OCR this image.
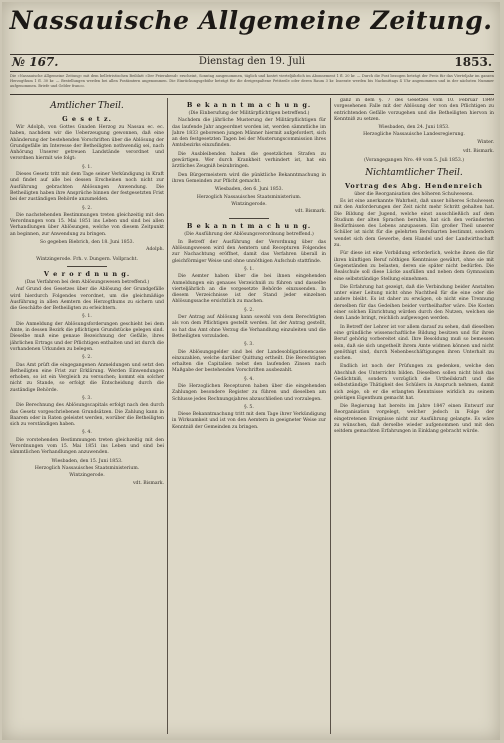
Nassauische Allgemeine Zeitung.
№ 167.	Dienstag den 19. Juli	1853.
Die »Nassauische Allgemeine Zeitung« mit dem belletristischen Beiblatt »Der Feierabend« erscheint, Sonntag ausgenommen, täglich und kostet vierteljährlich im Abonnement 1 fl. 20 kr. — Durch die Post bezogen beträgt der Preis für das Vierteljahr im ganzen Herzogthum 1 fl. 30 kr. — Bestellungen werden bei allen Postämtern angenommen. Die Einrückungsgebühr beträgt für die dreigespaltene Petitzeile oder deren Raum 3 kr. Inserate werden bis Nachmittags 4 Uhr angenommen und in der nächsten Nummer aufgenommen. Briefe und Gelder franco.
Amtlicher Theil.
G e s e t z.

Wir Adolph, von Gottes Gnaden Herzog zu Nassau ec. ec. haben, nachdem wir die Ueberzeugung gewonnen, daß eine Abänderung der bestehenden Vorschriften über die Ablösung der Grundgefälle im Interesse der Betheiligten nothwendig sei, nach Anhörung Unserer getreuen Landstände verordnet und verordnen hiermit wie folgt:

§. 1.

Dieses Gesetz tritt mit dem Tage seiner Verkündigung in Kraft und findet auf alle bei dessen Erscheinen noch nicht zur Ausführung gebrachten Ablösungen Anwendung. Die Betheiligten haben ihre Ansprüche binnen der festgesetzten Frist bei der zuständigen Behörde anzumelden.

§. 2.

Die nachstehenden Bestimmungen treten gleichzeitig mit den Verordnungen vom 15. Mai 1851 ins Leben und sind bei allen Verhandlungen über Ablösungen, welche von diesem Zeitpunkt an beginnen, zur Anwendung zu bringen.

So gegeben Biebrich, den 18. Juni 1853.

Adolph.

Wintzingerode. Frh. v. Dungern. Vollpracht.

V e r o r d n u n g.

(Das Verfahren bei dem Ablösungswesen betreffend.)

Auf Grund des Gesetzes über die Ablösung der Grundgefälle wird hierdurch Folgendes verordnet, um die gleichmäßige Ausführung in allen Aemtern des Herzogthums zu sichern und die Geschäfte der Betheiligten zu erleichtern.

§. 1.

Die Anmeldung der Ablösungsforderungen geschieht bei dem Amte, in dessen Bezirk die pflichtigen Grundstücke gelegen sind. Dieselbe muß eine genaue Bezeichnung der Gefälle, ihres jährlichen Ertrags und der Pflichtigen enthalten und ist durch die vorhandenen Urkunden zu belegen.

§. 2.

Das Amt prüft die eingegangenen Anmeldungen und setzt den Betheiligten eine Frist zur Erklärung. Werden Einwendungen erhoben, so ist ein Vergleich zu versuchen; kommt ein solcher nicht zu Stande, so erfolgt die Entscheidung durch die zuständige Behörde.

§. 3.

Die Berechnung des Ablösungscapitals erfolgt nach den durch das Gesetz vorgeschriebenen Grundsätzen. Die Zahlung kann in Baarem oder in Raten geleistet werden, worüber die Betheiligten sich zu verständigen haben.

§. 4.

Die vorstehenden Bestimmungen treten gleichzeitig mit den Verordnungen vom 15. Mai 1851 ins Leben und sind bei sämmtlichen Verhandlungen anzuwenden.

Wiesbaden, den 15. Juni 1853.

Herzoglich Nassauisches Staatsministerium.

Wintzingerode.

vdt. Bismark.

B e k a n n t m a c h u n g.

(Die Einberufung der Militärpflichtigen betreffend.)

Nachdem die jährliche Musterung der Militärpflichtigen für das laufende Jahr angeordnet worden ist, werden sämmtliche im Jahre 1833 geborenen jungen Männer hiermit aufgefordert, sich an den festgesetzten Tagen bei der Musterungscommission ihres Amtsbezirks einzufinden.

Die Ausbleibenden haben die gesetzlichen Strafen zu gewärtigen. Wer durch Krankheit verhindert ist, hat ein ärztliches Zeugniß beizubringen.

Den Bürgermeistern wird die pünktliche Bekanntmachung in ihren Gemeinden zur Pflicht gemacht.

Wiesbaden, den 6. Juni 1853.

Herzoglich Nassauisches Staatsministerium.

Wintzingerode.

vdt. Bismark.

B e k a n n t m a c h u n g.

(Die Ausführung der Ablösungsverordnung betreffend.)

In Betreff der Ausführung der Verordnung über das Ablösungswesen wird den Aemtern und Recepturen Folgendes zur Nachachtung eröffnet, damit das Verfahren überall in gleichförmiger Weise und ohne unnöthigen Aufschub stattfinde.

§. 1.

Die Aemter haben über die bei ihnen eingehenden Anmeldungen ein genaues Verzeichniß zu führen und dasselbe vierteljährlich an die vorgesetzte Behörde einzusenden. In diesem Verzeichnisse ist der Stand jeder einzelnen Ablösungssache ersichtlich zu machen.

§. 2.

Der Antrag auf Ablösung kann sowohl von dem Berechtigten als von dem Pflichtigen gestellt werden. Ist der Antrag gestellt, so hat das Amt ohne Verzug die Verhandlung einzuleiten und die Betheiligten vorzuladen.

§. 3.

Die Ablösungsgelder sind bei der Landesobligationencasse einzuzahlen, welche darüber Quittung ertheilt. Die Berechtigten erhalten die Capitalien nebst den laufenden Zinsen nach Maßgabe der bestehenden Vorschriften ausbezahlt.

§. 4.

Die Herzoglichen Recepturen haben über die eingehenden Zahlungen besondere Register zu führen und dieselben am Schlusse jedes Rechnungsjahres abzuschließen und vorzulegen.

§. 5.

Diese Bekanntmachung tritt mit dem Tage ihrer Verkündigung in Wirksamkeit und ist von den Aemtern in geeigneter Weise zur Kenntniß der Gemeinden zu bringen.

ganz in dem §. 7 des Gesetzes vom 10. Februar 1849 vorgesehenen Falle mit der Ablösung der von den Pflichtigen zu entrichtenden Gefälle vorzugehen und die Betheiligten hiervon in Kenntniß zu setzen.

Wiesbaden, den 24. Juni 1853.

Herzogliche Nassauische Landesregierung.

Winter.

vdt. Bismark.

(Vorangegangen Nro. 49 vom 5. Juli 1853.)

Nichtamtlicher Theil.
Vortrag des Abg. Hendenreich

über die Reorganisation des höheren Schulwesens.

Es ist eine anerkannte Wahrheit, daß unser höheres Schulwesen mit den Anforderungen der Zeit nicht mehr Schritt gehalten hat. Die Bildung der Jugend, welche einst ausschließlich auf dem Studium der alten Sprachen beruhte, hat sich den veränderten Bedürfnissen des Lebens anzupassen. Ein großer Theil unserer Schüler ist nicht für die gelehrten Berufsarten bestimmt, sondern wendet sich dem Gewerbe, dem Handel und der Landwirthschaft zu.

Für diese ist eine Vorbildung erforderlich, welche ihnen die für ihren künftigen Beruf nöthigen Kenntnisse gewährt, ohne sie mit Gegenständen zu belasten, deren sie später nicht bedürfen. Die Realschule soll diese Lücke ausfüllen und neben dem Gymnasium eine selbstständige Stellung einnehmen.

Die Erfahrung hat gezeigt, daß die Verbindung beider Anstalten unter einer Leitung nicht ohne Nachtheil für die eine oder die andere bleibt. Es ist daher zu erwägen, ob nicht eine Trennung derselben für das Gedeihen beider vortheilhafter wäre. Die Kosten einer solchen Einrichtung würden durch den Nutzen, welchen sie dem Lande bringt, reichlich aufgewogen werden.

In Betreff der Lehrer ist vor allem darauf zu sehen, daß dieselben eine gründliche wissenschaftliche Bildung besitzen und für ihren Beruf gehörig vorbereitet sind. Ihre Besoldung muß so bemessen sein, daß sie sich ungetheilt ihrem Amte widmen können und nicht genöthigt sind, durch Nebenbeschäftigungen ihren Unterhalt zu suchen.

Endlich ist noch der Prüfungen zu gedenken, welche den Abschluß des Unterrichts bilden. Dieselben sollen nicht bloß das Gedächtniß, sondern vorzüglich die Urtheilskraft und die selbstständige Thätigkeit des Schülers in Anspruch nehmen, damit sich zeige, ob er die erlangten Kenntnisse wirklich zu seinem geistigen Eigenthum gemacht hat.

Die Regierung hat bereits im Jahre 1847 einen Entwurf zur Reorganisation vorgelegt, welcher jedoch in Folge der eingetretenen Ereignisse nicht zur Ausführung gelangte. Es wäre zu wünschen, daß derselbe wieder aufgenommen und mit den seitdem gemachten Erfahrungen in Einklang gebracht würde.
